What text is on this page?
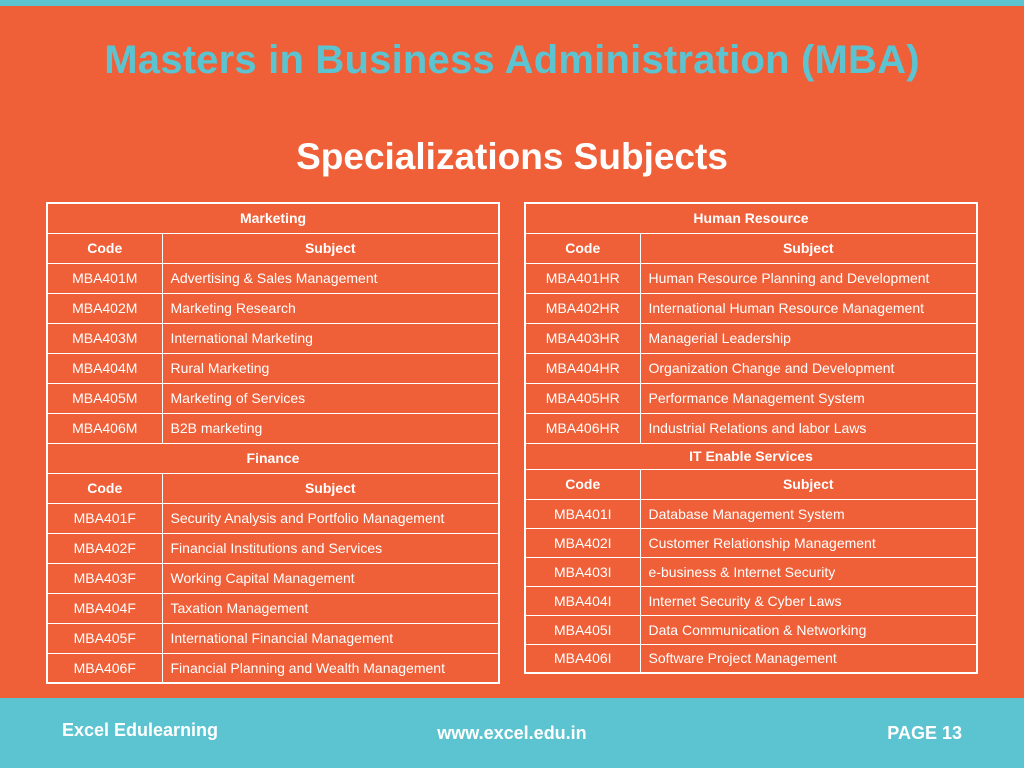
Masters in Business Administration (MBA)
Specializations Subjects
Marketing	
Code	Subject
MBA401M	Advertising & Sales Management
MBA402M	Marketing Research
MBA403M	International Marketing
MBA404M	Rural Marketing
MBA405M	Marketing of Services
MBA406M	B2B marketing
Finance	
Code	Subject
MBA401F	Security Analysis and Portfolio Management
MBA402F	Financial Institutions and Services
MBA403F	Working Capital Management
MBA404F	Taxation Management
MBA405F	International Financial Management
MBA406F	Financial Planning and Wealth Management
Human Resource	
Code	Subject
MBA401HR	Human Resource Planning and Development
MBA402HR	International Human Resource Management
MBA403HR	Managerial Leadership
MBA404HR	Organization Change and Development
MBA405HR	Performance Management System
MBA406HR	Industrial Relations and labor Laws
IT Enable Services	
Code	Subject
MBA401I	Database Management System
MBA402I	Customer Relationship Management
MBA403I	e-business & Internet Security
MBA404I	Internet Security & Cyber Laws
MBA405I	Data Communication & Networking
MBA406I	Software Project Management
Excel Edulearning	www.excel.edu.in	PAGE 13
